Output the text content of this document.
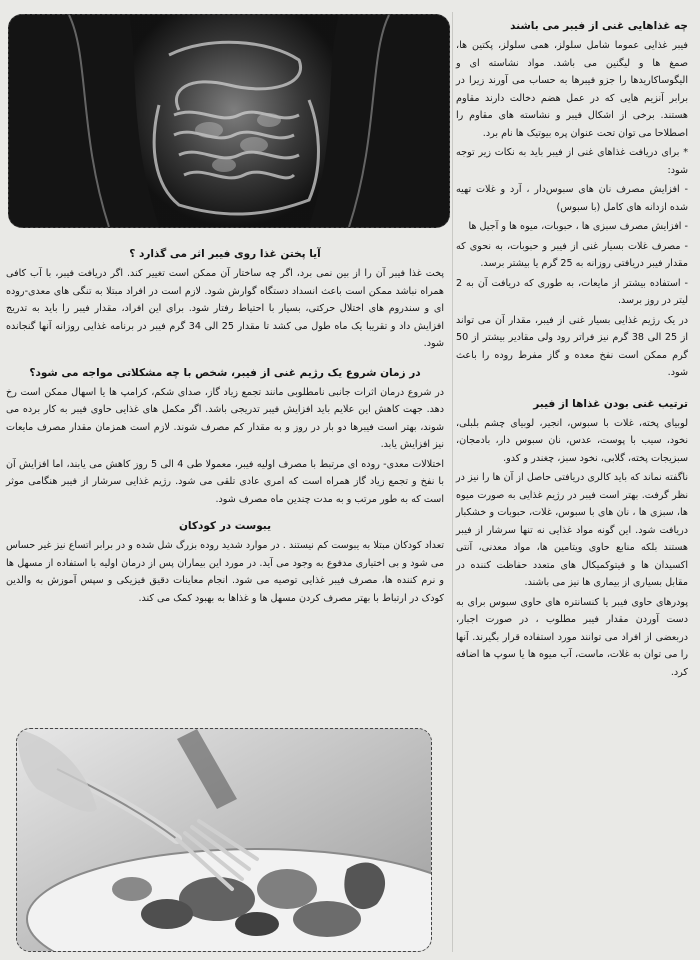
چه غذاهایی غنی از فیبر می باشند

فیبر غذایی عموما شامل سلولز، همی سلولز، پکتین ها، صمغ ها و لیگنین می باشد. مواد نشاسته ای و الیگوساکاریدها را جزو فیبرها به حساب می آورند زیرا در برابر آنزیم هایی که در عمل هضم دخالت دارند مقاوم هستند. برخی از اشکال فیبر و نشاسته های مقاوم را اصطلاحا می توان تحت عنوان پره بیوتیک ها نام برد.

* برای دریافت غذاهای غنی از فیبر باید به نکات زیر توجه شود:

- افزایش مصرف نان های سبوس‌دار ، آرد و غلات تهیه شده ازدانه های کامل (با سبوس)

- افزایش مصرف سبزی ها ، حبوبات، میوه ها و آجیل ها

- مصرف غلات بسیار غنی از فیبر و حبوبات، به نحوی که مقدار فیبر دریافتی روزانه به 25 گرم یا بیشتر برسد.

- استفاده بیشتر از مایعات، به طوری که دریافت آن به 2 لیتر در روز برسد.

در یک رژیم غذایی بسیار غنی از فیبر، مقدار آن می تواند از 25 الی 38 گرم نیز فراتر رود ولی مقادیر بیشتر از 50 گرم ممکن است نفخ معده و گاز مفرط روده را باعث شود.

ترتیب غنی بودن غذاها از فیبر

لوبیای پخته، غلات با سبوس، انجیر، لوبیای چشم بلبلی، نخود، سیب با پوست، عدس، نان سبوس دار، بادمجان، سبزیجات پخته، گلابی، نخود سبز، چغندر و کدو.

ناگفته نماند که باید کالری دریافتی حاصل از آن ها را نیز در نظر گرفت. بهتر است فیبر در رژیم غذایی به صورت میوه ها، سبزی ها ، نان های با سبوس، غلات، حبوبات و خشکبار دریافت شود. این گونه مواد غذایی نه تنها سرشار از فیبر هستند بلکه منابع حاوی ویتامین ها، مواد معدنی، آنتی اکسیدان ها و فیتوکمیکال های متعدد حفاظت کننده در مقابل بسیاری از بیماری ها نیز می باشند.

پودرهای حاوی فیبر یا کنسانتره های حاوی سبوس برای به دست آوردن مقدار فیبر مطلوب ، در صورت اجبار، دربعضی از افراد می توانند مورد استفاده قرار بگیرند. آنها را می توان به غلات، ماست، آب میوه ها یا سوپ ها اضافه کرد.

آیا پختن غذا روی فیبر اثر می گذارد ؟

پخت غذا فیبر آن را از بین نمی برد، اگر چه ساختار آن ممکن است تغییر کند. اگر دریافت فیبر، با آب کافی همراه نباشد ممکن است باعث انسداد دستگاه گوارش شود. لازم است در افراد مبتلا به تنگی های معدی-روده ای و سندروم های اختلال حرکتی، بسیار با احتیاط رفتار شود. برای این افراد، مقدار فیبر را باید به تدریج افزایش داد و تقریبا یک ماه طول می کشد تا مقدار 25 الی 34 گرم فیبر در برنامه غذایی روزانه آنها گنجانده شود.

در زمان شروع یک رژیم غنی از فیبر، شخص با چه مشکلاتی مواجه می شود؟

در شروع درمان اثرات جانبی نامطلوبی مانند تجمع زیاد گاز، صدای شکم، کرامپ ها یا اسهال ممکن است رخ دهد. جهت کاهش این علایم باید افزایش فیبر تدریجی باشد. اگر مکمل های غذایی حاوی فیبر به کار برده می شوند، بهتر است فیبرها دو بار در روز و به مقدار کم مصرف شوند. لازم است همزمان مقدار مصرف مایعات نیز افزایش یابد.

اختلالات معدی- روده ای مرتبط با مصرف اولیه فیبر، معمولا طی 4 الی 5 روز کاهش می یابند، اما افزایش آن با نفخ و تجمع زیاد گاز همراه است که امری عادی تلقی می شود. رژیم غذایی سرشار از فیبر هنگامی موثر است که به طور مرتب و به مدت چندین ماه مصرف شود.

یبوست در کودکان

تعداد کودکان مبتلا به یبوست کم نیستند . در موارد شدید روده بزرگ شل شده و در برابر اتساع نیز غیر حساس می شود و بی اختیاری مدفوع به وجود می آید. در مورد این بیماران پس از درمان اولیه با استفاده از مسهل ها و نرم کننده ها، مصرف فیبر غذایی توصیه می شود. انجام معاینات دقیق فیزیکی و سپس آموزش به والدین کودک در ارتباط با بهتر مصرف کردن مسهل ها و غذاها به بهبود کمک می کند.
